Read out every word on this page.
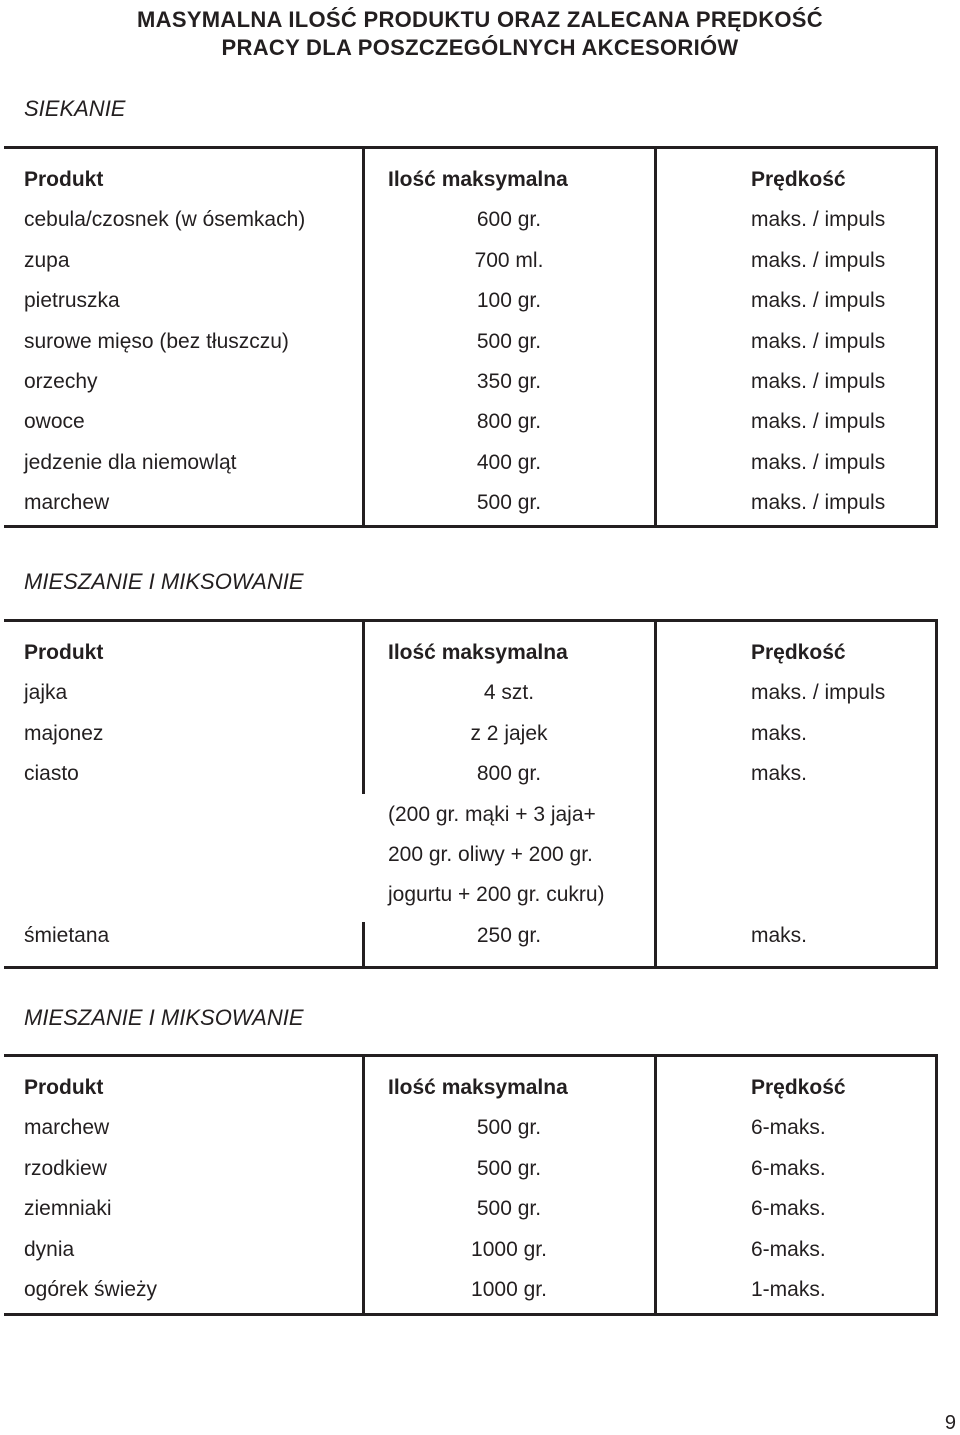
MASYMALNA ILOŚĆ PRODUKTU ORAZ ZALECANA PRĘDKOŚĆ
PRACY DLA POSZCZEGÓLNYCH AKCESORIÓW
SIEKANIE
Produkt	Ilość maksymalna	Prędkość
cebula/czosnek (w ósemkach)	600 gr.	maks. / impuls
zupa	700 ml.	maks. / impuls
pietruszka	100 gr.	maks. / impuls
surowe mięso (bez tłuszczu)	500 gr.	maks. / impuls
orzechy	350 gr.	maks. / impuls
owoce	800 gr.	maks. / impuls
jedzenie dla niemowląt	400 gr.	maks. / impuls
marchew	500 gr.	maks. / impuls
MIESZANIE I MIKSOWANIE
Produkt	Ilość maksymalna	Prędkość
jajka	4 szt.	maks. / impuls
majonez	z 2 jajek	maks.
ciasto	800 gr.	maks.
(200 gr. mąki + 3 jaja+
200 gr. oliwy + 200 gr.
jogurtu + 200 gr. cukru)
śmietana	250 gr.	maks.
MIESZANIE I MIKSOWANIE
Produkt	Ilość maksymalna	Prędkość
marchew	500 gr.	6-maks.
rzodkiew	500 gr.	6-maks.
ziemniaki	500 gr.	6-maks.
dynia	1000 gr.	6-maks.
ogórek świeży	1000 gr.	1-maks.
9
